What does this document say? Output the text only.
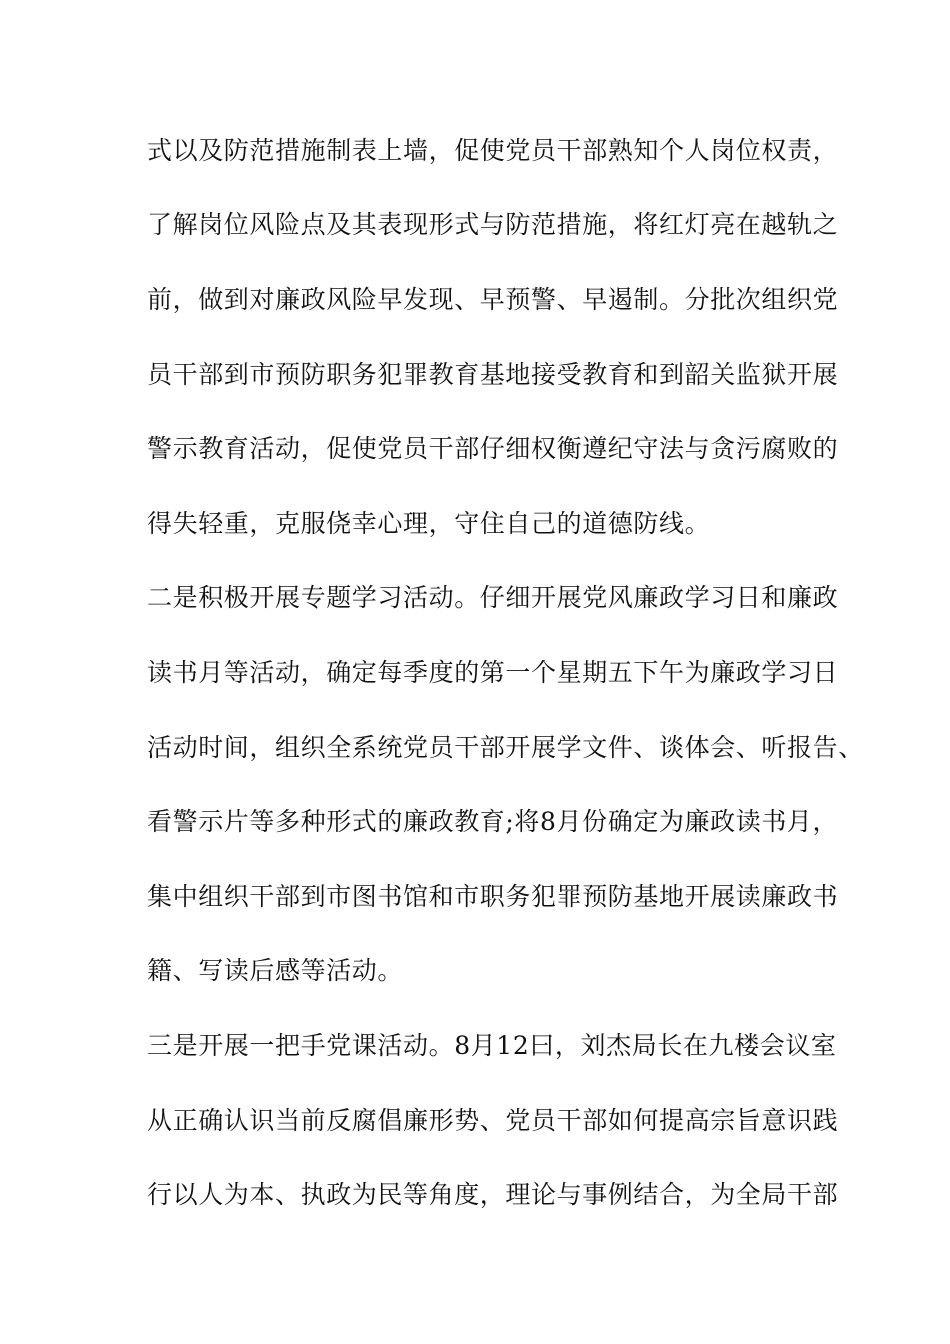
式以及防范措施制表上墙，促使党员干部熟知个人岗位权责，
了解岗位风险点及其表现形式与防范措施，将红灯亮在越轨之
前，做到对廉政风险早发现、早预警、早遏制。分批次组织党
员干部到市预防职务犯罪教育基地接受教育和到韶关监狱开展
警示教育活动，促使党员干部仔细权衡遵纪守法与贪污腐败的
得失轻重，克服侥幸心理，守住自己的道德防线。
二是积极开展专题学习活动。仔细开展党风廉政学习日和廉政
读书月等活动，确定每季度的第一个星期五下午为廉政学习日
活动时间，组织全系统党员干部开展学文件、谈体会、听报告、
看警示片等多种形式的廉政教育;将8月份确定为廉政读书月，
集中组织干部到市图书馆和市职务犯罪预防基地开展读廉政书
籍、写读后感等活动。
三是开展一把手党课活动。8月12曰，刘杰局长在九楼会议室
从正确认识当前反腐倡廉形势、党员干部如何提高宗旨意识践
行以人为本、执政为民等角度，理论与事例结合，为全局干部
